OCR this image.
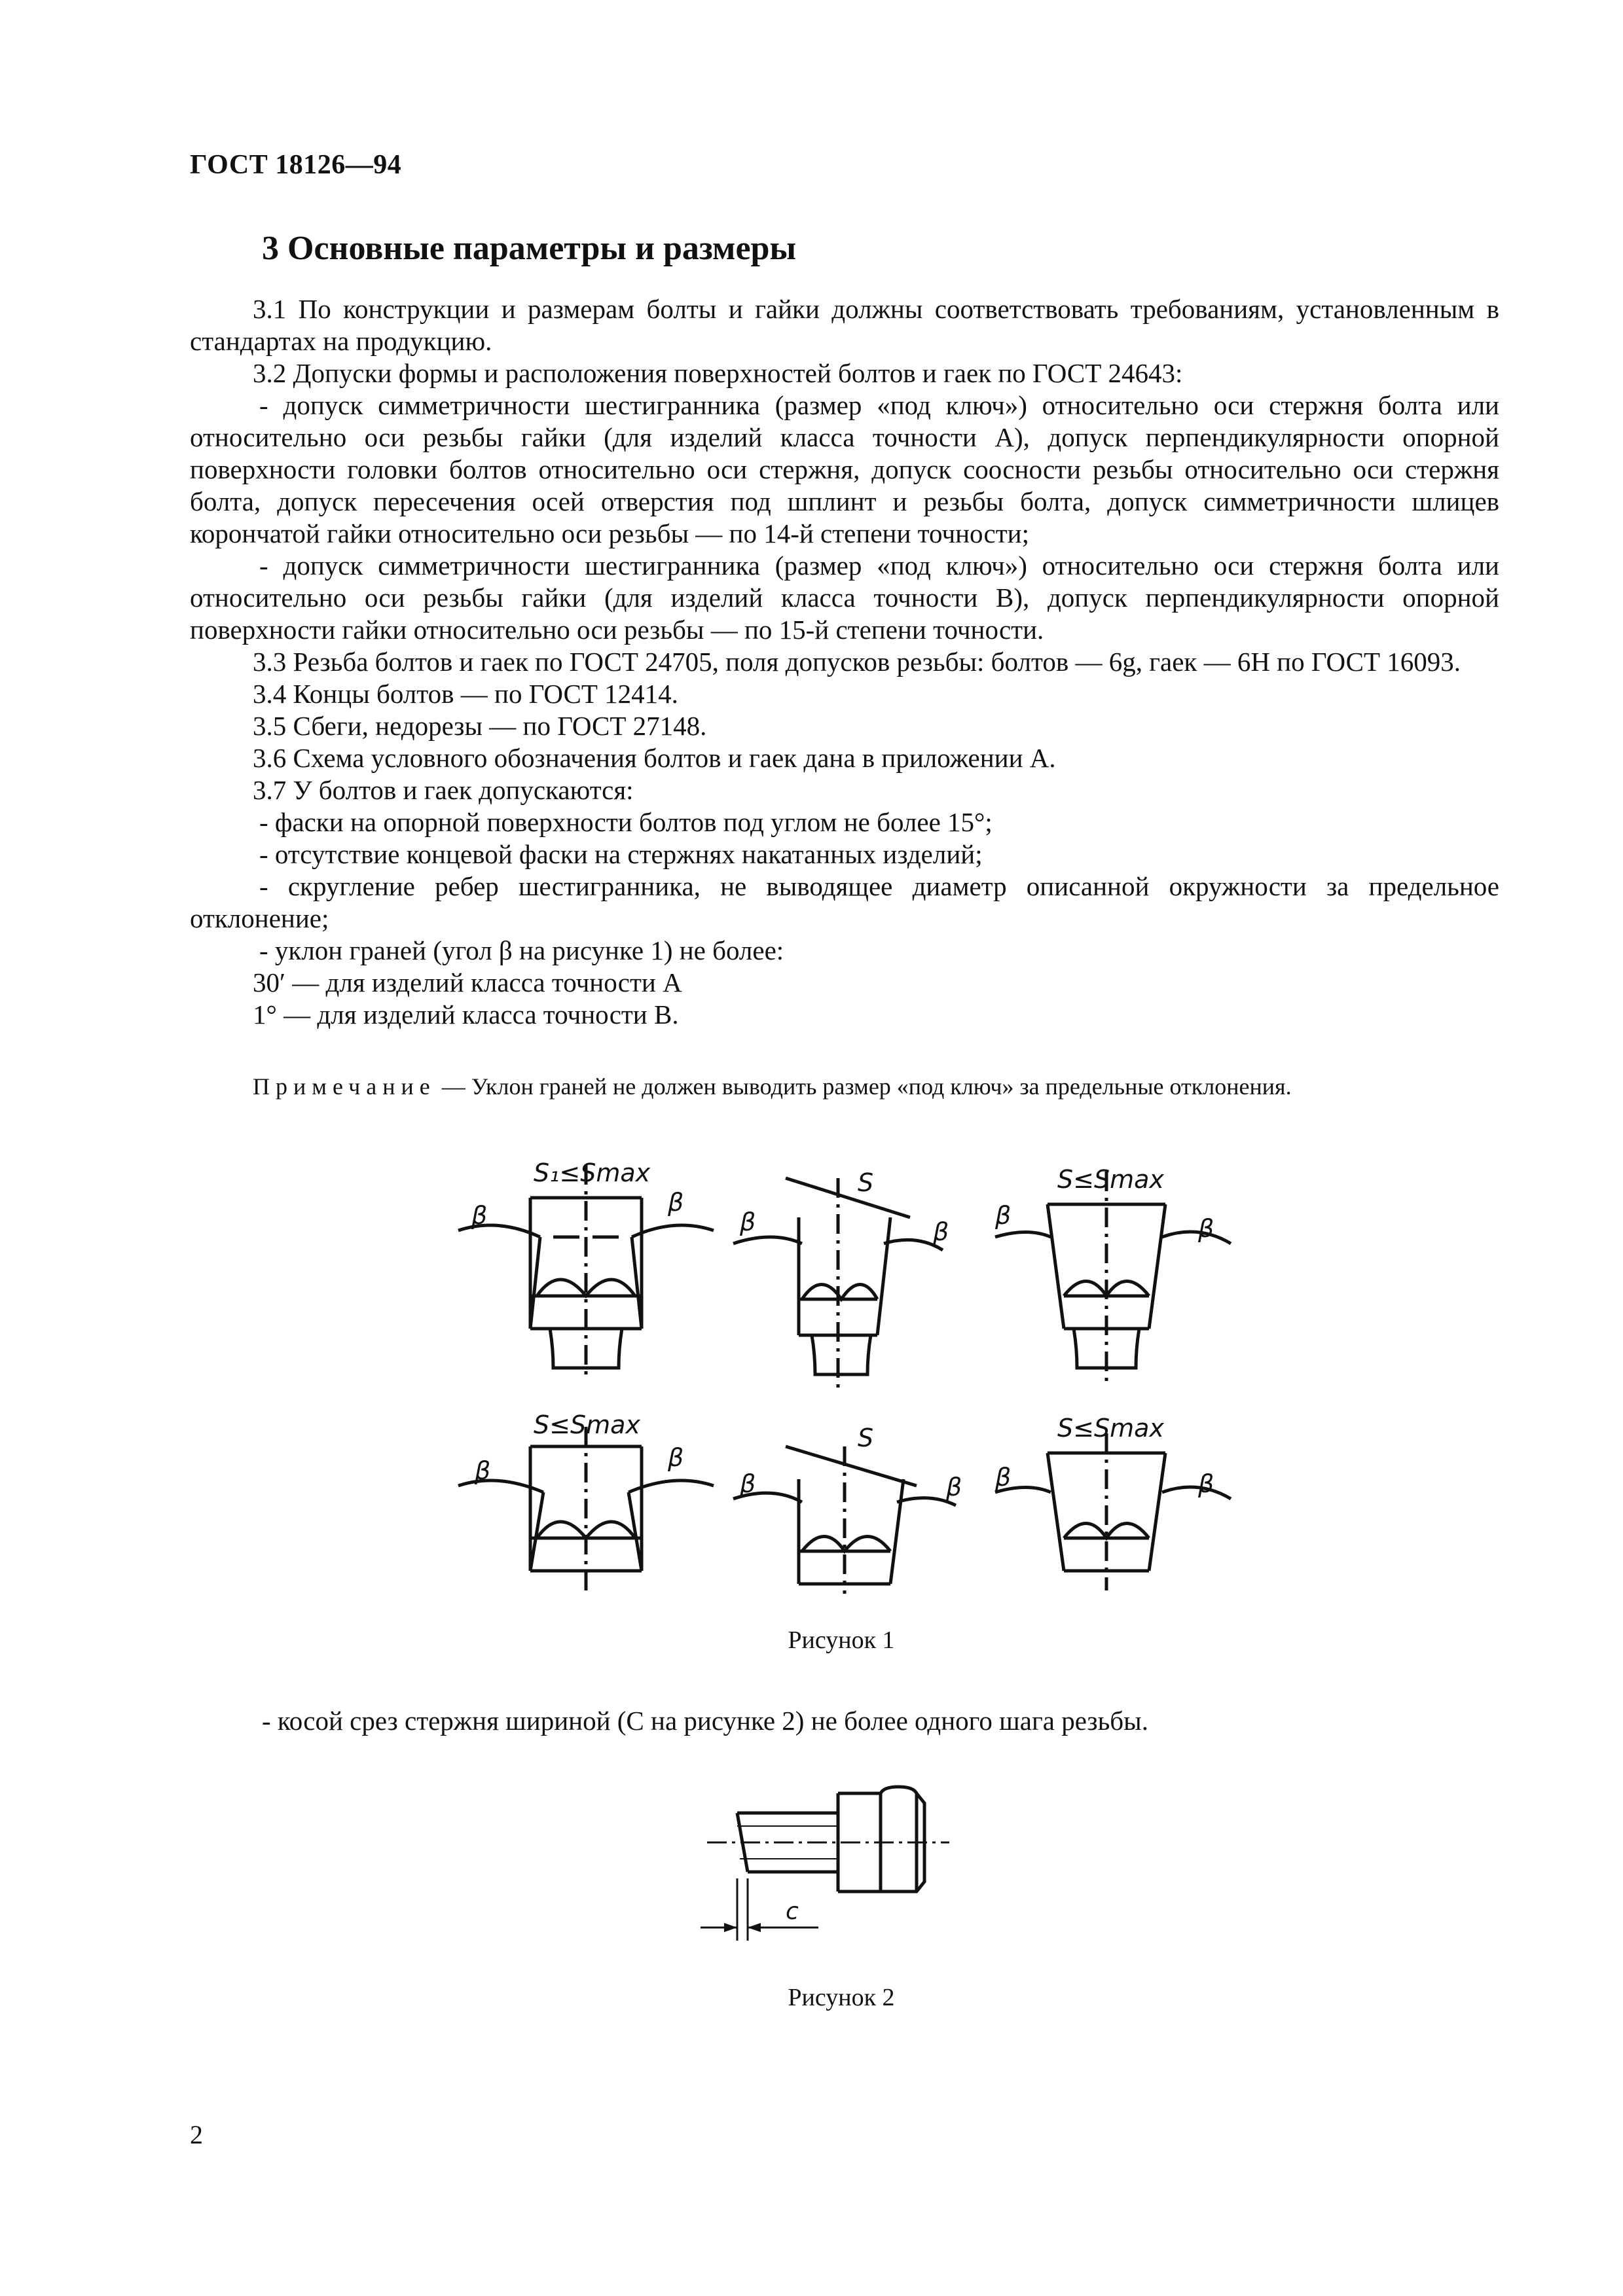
ГОСТ 18126—94
3 Основные параметры и размеры

3.1 По конструкции и размерам болты и гайки должны соответствовать требованиям, установленным в стандартах на продукцию.

3.2 Допуски формы и расположения поверхностей болтов и гаек по ГОСТ 24643:

- допуск симметричности шестигранника (размер «под ключ») относительно оси стержня болта или относительно оси резьбы гайки (для изделий класса точности А), допуск перпендикулярности опорной поверхности головки болтов относительно оси стержня, допуск соосности резьбы относительно оси стержня болта, допуск пересечения осей отверстия под шплинт и резьбы болта, допуск симметричности шлицев корончатой гайки относительно оси резьбы — по 14-й степени точности;

- допуск симметричности шестигранника (размер «под ключ») относительно оси стержня болта или относительно оси резьбы гайки (для изделий класса точности В), допуск перпендикулярности опорной поверхности гайки относительно оси резьбы — по 15-й степени точности.

3.3 Резьба болтов и гаек по ГОСТ 24705, поля допусков резьбы: болтов — 6g, гаек — 6Н по ГОСТ 16093.

3.4 Концы болтов — по ГОСТ 12414.

3.5 Сбеги, недорезы — по ГОСТ 27148.

3.6 Схема условного обозначения болтов и гаек дана в приложении А.

3.7 У болтов и гаек допускаются:

- фаски на опорной поверхности болтов под углом не более 15°;

- отсутствие концевой фаски на стержнях накатанных изделий;

- скругление ребер шестигранника, не выводящее диаметр описанной окружности за предельное отклонение;

- уклон граней (угол β на рисунке 1) не более:

30′ — для изделий класса точности А

1° — для изделий класса точности В.

Примечание — Уклон граней не должен выводить размер «под ключ» за предельные отклонения.
S₁≤Smax	S	S≤Smax
S≤Smax	S	S≤Smax
β	β
β	β
β	β
β	β
β	β β	β
Рисунок 1
- косой срез стержня шириной (С на рисунке 2) не более одного шага резьбы.
c
Рисунок 2
2
